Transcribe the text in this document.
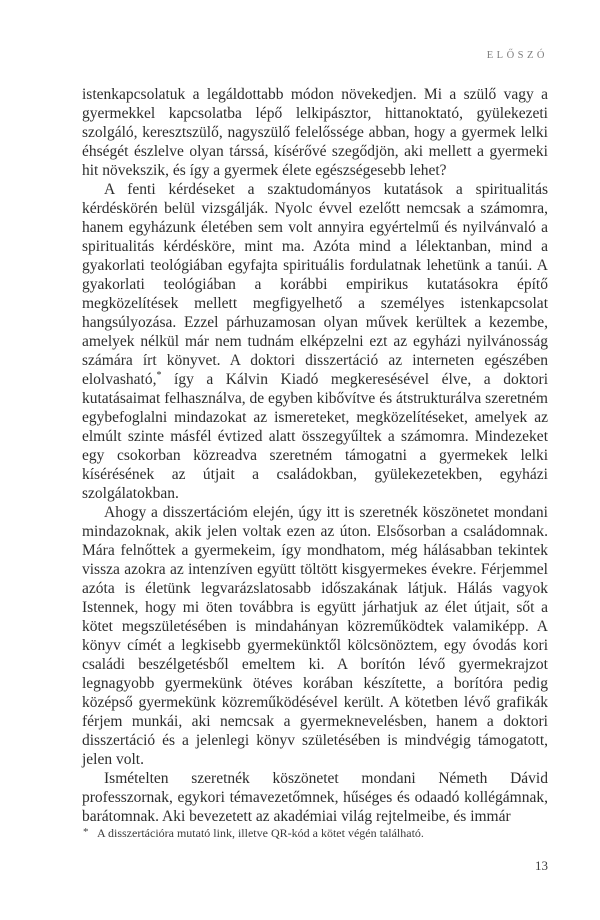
ELŐSZÓ

istenkapcsolatuk a legáldottabb módon növekedjen. Mi a szülő vagy a gyermekkel kapcsolatba lépő lelkipásztor, hittanoktató, gyülekezeti szolgáló, keresztszülő, nagyszülő felelőssége abban, hogy a gyermek lelki éhségét észlelve olyan társsá, kísérővé szegődjön, aki mellett a gyermeki hit növekszik, és így a gyermek élete egészségesebb lehet?

A fenti kérdéseket a szaktudományos kutatások a spiritualitás kérdéskörén belül vizsgálják. Nyolc évvel ezelőtt nemcsak a számomra, hanem egyházunk életében sem volt annyira egyértelmű és nyilvánvaló a spiritualitás kérdésköre, mint ma. Azóta mind a lélektanban, mind a gyakorlati teológiában egyfajta spirituális fordulatnak lehetünk a tanúi. A gyakorlati teológiában a korábbi empirikus kutatásokra építő megközelítések mellett megfigyelhető a személyes istenkapcsolat hangsúlyozása. Ezzel párhuzamosan olyan művek kerültek a kezembe, amelyek nélkül már nem tudnám elképzelni ezt az egyházi nyilvánosság számára írt könyvet. A doktori disszertáció az interneten egészében elolvasható,* így a Kálvin Kiadó megkeresésével élve, a doktori kutatásaimat felhasználva, de egyben kibővítve és átstrukturálva szeretném egybefoglalni mindazokat az ismereteket, megközelítéseket, amelyek az elmúlt szinte másfél évtized alatt összegyűltek a számomra. Mindezeket egy csokorban közreadva szeretném támogatni a gyermekek lelki kísérésének az útjait a családokban, gyülekezetekben, egyházi szolgálatokban.

Ahogy a disszertációm elején, úgy itt is szeretnék köszönetet mondani mindazoknak, akik jelen voltak ezen az úton. Elsősorban a családomnak. Mára felnőttek a gyermekeim, így mondhatom, még hálásabban tekintek vissza azokra az intenzíven együtt töltött kisgyermekes évekre. Férjemmel azóta is életünk legvarázslatosabb időszakának látjuk. Hálás vagyok Istennek, hogy mi öten továbbra is együtt járhatjuk az élet útjait, sőt a kötet megszületésében is mindahányan közreműködtek valamiképp. A könyv címét a legkisebb gyermekünktől kölcsönöztem, egy óvodás kori családi beszélgetésből emeltem ki. A borítón lévő gyermekrajzot legnagyobb gyermekünk ötéves korában készítette, a borítóra pedig középső gyermekünk közreműködésével került. A kötetben lévő grafikák férjem munkái, aki nemcsak a gyermeknevelésben, hanem a doktori disszertáció és a jelenlegi könyv születésében is mindvégig támogatott, jelen volt.

Ismételten szeretnék köszönetet mondani Németh Dávid professzornak, egykori témavezetőmnek, hűséges és odaadó kollégámnak, barátomnak. Aki bevezetett az akadémiai világ rejtelmeibe, és immár

* A disszertációra mutató link, illetve QR-kód a kötet végén található.
13
